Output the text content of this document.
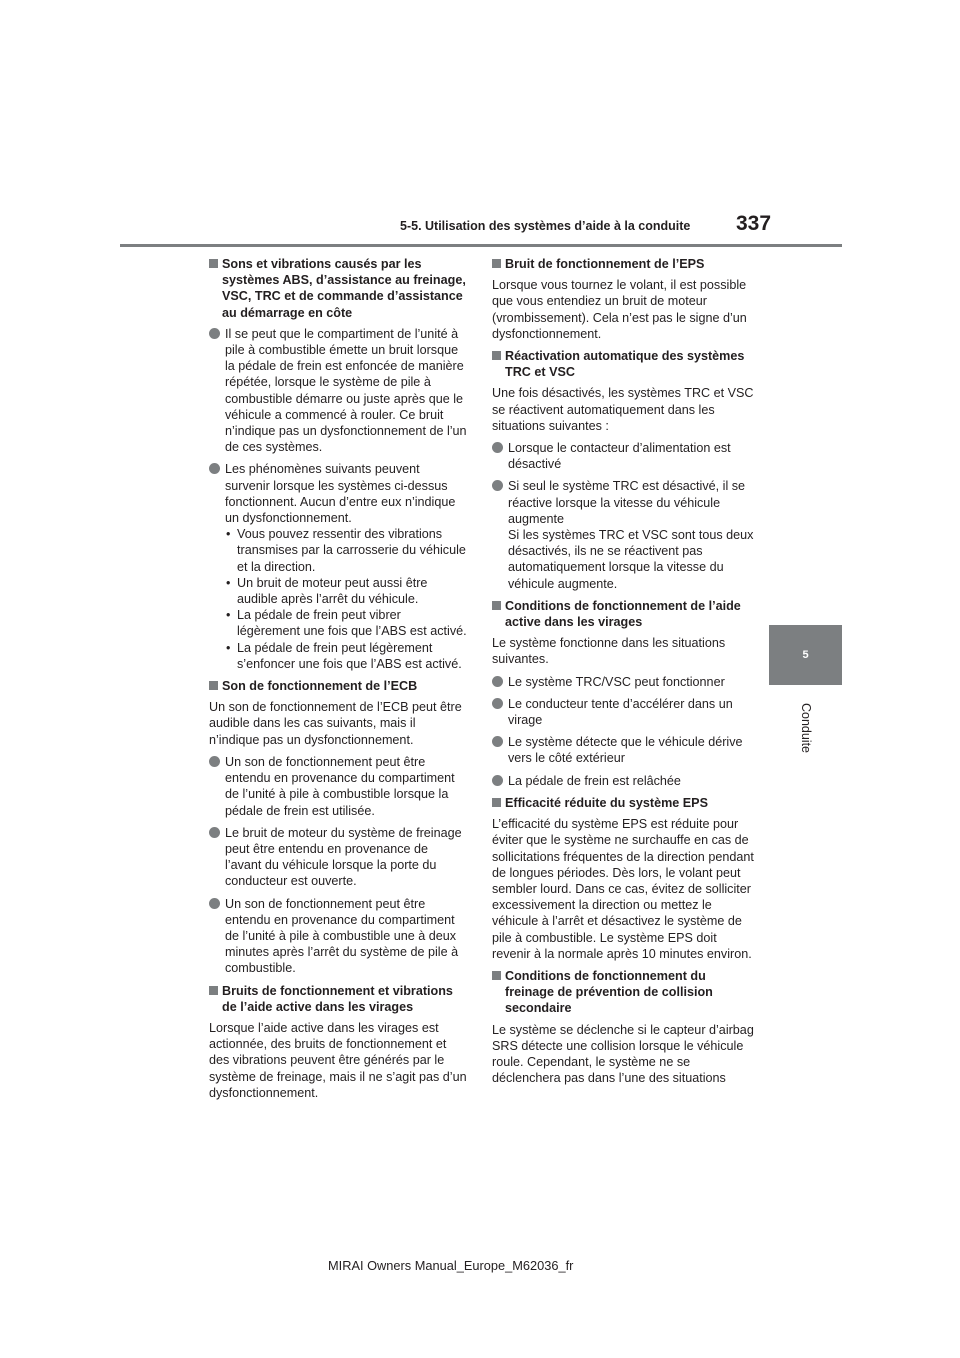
5-5. Utilisation des systèmes d’aide à la conduite 337
5
Conduite
Sons et vibrations causés par les systèmes ABS, d’assistance au freinage, VSC, TRC et de commande d’assistance au démarrage en côte
Il se peut que le compartiment de l’unité à pile à combustible émette un bruit lorsque la pédale de frein est enfoncée de manière répétée, lorsque le système de pile à combustible démarre ou juste après que le véhicule a commencé à rouler. Ce bruit n’indique pas un dysfonctionnement de l’un de ces systèmes.
Les phénomènes suivants peuvent survenir lorsque les systèmes ci-dessus fonctionnent. Aucun d’entre eux n’indique un dysfonctionnement.
• Vous pouvez ressentir des vibrations transmises par la carrosserie du véhicule et la direction.
• Un bruit de moteur peut aussi être audible après l’arrêt du véhicule.
• La pédale de frein peut vibrer légèrement une fois que l’ABS est activé.
• La pédale de frein peut légèrement s’enfoncer une fois que l’ABS est activé.
Son de fonctionnement de l’ECB

Un son de fonctionnement de l’ECB peut être audible dans les cas suivants, mais il n’indique pas un dysfonctionnement.

Un son de fonctionnement peut être entendu en provenance du compartiment de l’unité à pile à combustible lorsque la pédale de frein est utilisée.
Le bruit de moteur du système de freinage peut être entendu en provenance de l’avant du véhicule lorsque la porte du conducteur est ouverte.
Un son de fonctionnement peut être entendu en provenance du compartiment de l’unité à pile à combustible une à deux minutes après l’arrêt du système de pile à combustible.
Bruits de fonctionnement et vibrations de l’aide active dans les virages

Lorsque l’aide active dans les virages est actionnée, des bruits de fonctionnement et des vibrations peuvent être générés par le système de freinage, mais il ne s’agit pas d’un dysfonctionnement.

Bruit de fonctionnement de l’EPS

Lorsque vous tournez le volant, il est possible que vous entendiez un bruit de moteur (vrombissement). Cela n’est pas le signe d’un dysfonctionnement.

Réactivation automatique des systèmes TRC et VSC

Une fois désactivés, les systèmes TRC et VSC se réactivent automatiquement dans les situations suivantes :

Lorsque le contacteur d’alimentation est désactivé
Si seul le système TRC est désactivé, il se réactive lorsque la vitesse du véhicule augmente
Si les systèmes TRC et VSC sont tous deux désactivés, ils ne se réactivent pas automatiquement lorsque la vitesse du véhicule augmente.
Conditions de fonctionnement de l’aide active dans les virages

Le système fonctionne dans les situations suivantes.

Le système TRC/VSC peut fonctionner
Le conducteur tente d’accélérer dans un virage
Le système détecte que le véhicule dérive vers le côté extérieur
La pédale de frein est relâchée
Efficacité réduite du système EPS

L’efficacité du système EPS est réduite pour éviter que le système ne surchauffe en cas de sollicitations fréquentes de la direction pendant de longues périodes. Dès lors, le volant peut sembler lourd. Dans ce cas, évitez de solliciter excessivement la direction ou mettez le véhicule à l’arrêt et désactivez le système de pile à combustible. Le système EPS doit revenir à la normale après 10 minutes environ.

Conditions de fonctionnement du freinage de prévention de collision secondaire

Le système se déclenche si le capteur d’airbag SRS détecte une collision lorsque le véhicule roule. Cependant, le système ne se déclenchera pas dans l’une des situations

MIRAI Owners Manual_Europe_M62036_fr
